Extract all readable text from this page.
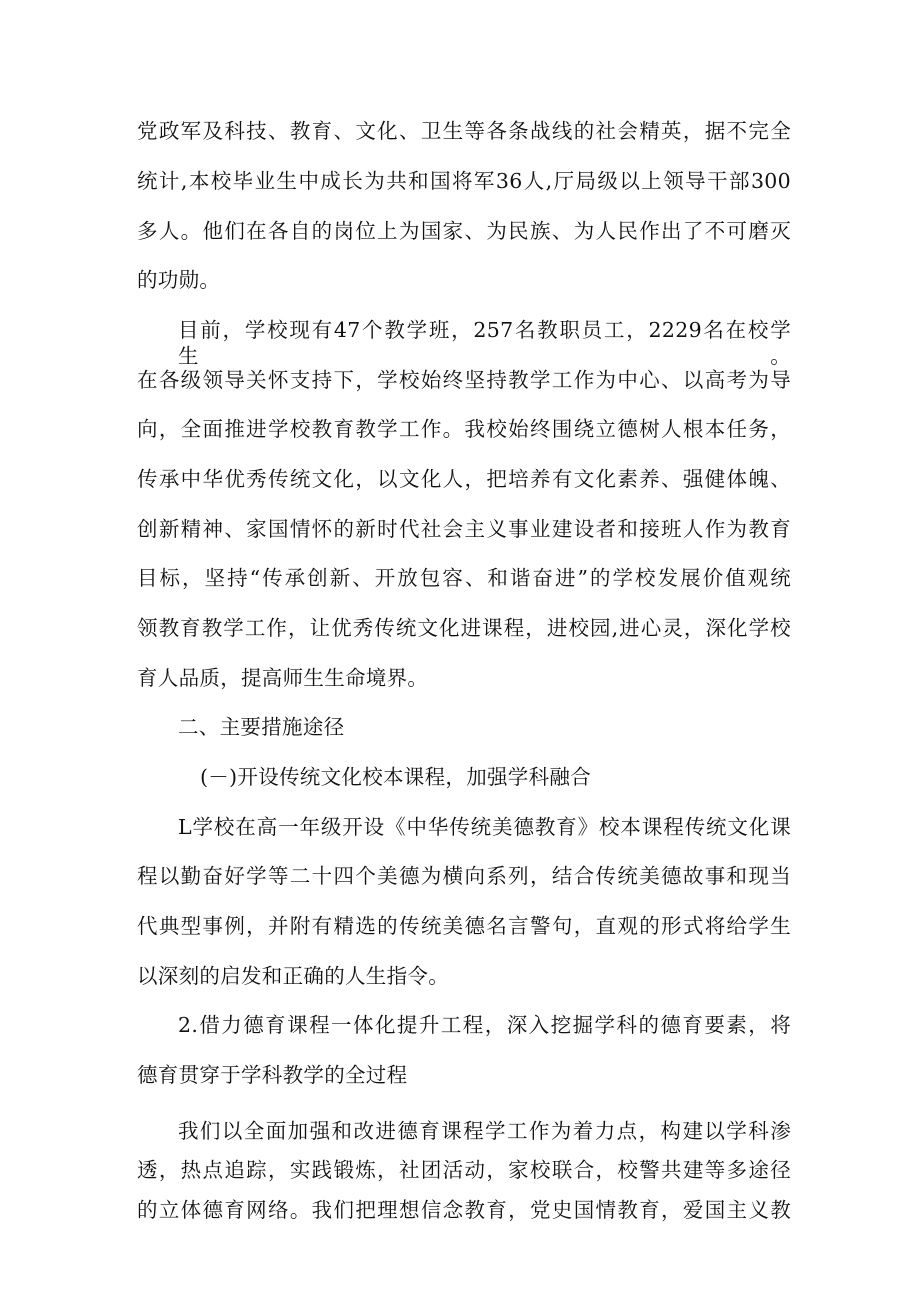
党政军及科技、教育、文化、卫生等各条战线的社会精英，据不完全

统计,本校毕业生中成长为共和国将军36人,厅局级以上领导干部300

多人。他们在各自的岗位上为国家、为民族、为人民作出了不可磨灭

的功勋。

目前，学校现有47个教学班，257名教职员工，2229名在校学生。

在各级领导关怀支持下，学校始终坚持教学工作为中心、以高考为导

向，全面推进学校教育教学工作。我校始终围绕立德树人根本任务，

传承中华优秀传统文化，以文化人，把培养有文化素养、强健体魄、

创新精神、家国情怀的新时代社会主义事业建设者和接班人作为教育

目标，坚持“传承创新、开放包容、和谐奋进”的学校发展价值观统

领教育教学工作，让优秀传统文化进课程，进校园,进心灵，深化学校

育人品质，提高师生生命境界。

二、主要措施途径

(－)开设传统文化校本课程，加强学科融合

L学校在高一年级开设《中华传统美德教育》校本课程传统文化课

程以勤奋好学等二十四个美德为横向系列，结合传统美德故事和现当

代典型事例，并附有精选的传统美德名言警句，直观的形式将给学生

以深刻的启发和正确的人生指令。

2.借力德育课程一体化提升工程，深入挖掘学科的德育要素，将

德育贯穿于学科教学的全过程

我们以全面加强和改进德育课程学工作为着力点，构建以学科渗

透，热点追踪，实践锻炼，社团活动，家校联合，校警共建等多途径

的立体德育网络。我们把理想信念教育，党史国情教育，爱国主义教
